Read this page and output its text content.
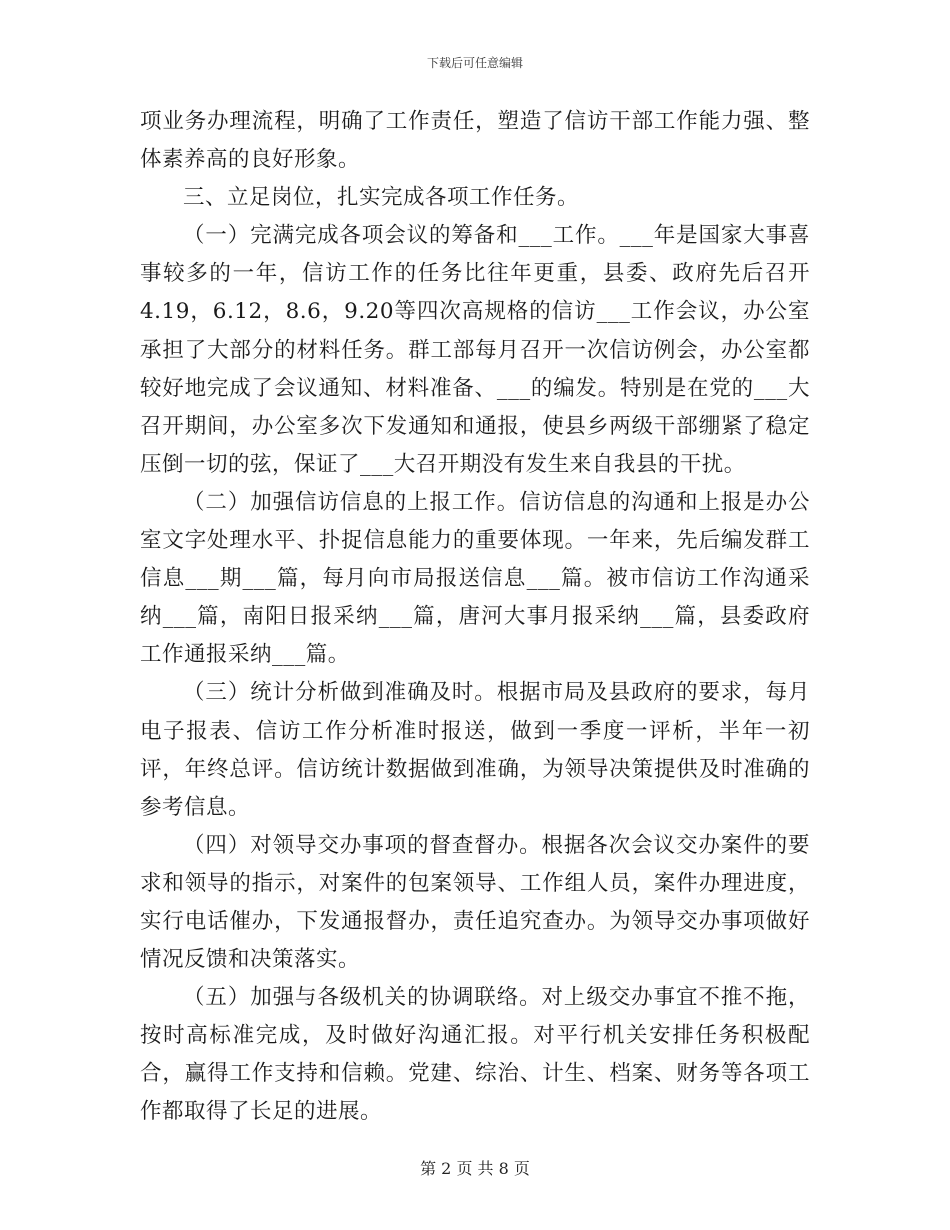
下载后可任意编辑

项业务办理流程，明确了工作责任，塑造了信访干部工作能力强、整体素养高的良好形象。

三、立足岗位，扎实完成各项工作任务。

（一）完满完成各项会议的筹备和___工作。___年是国家大事喜事较多的一年，信访工作的任务比往年更重，县委、政府先后召开4.19，6.12，8.6，9.20等四次高规格的信访___工作会议，办公室承担了大部分的材料任务。群工部每月召开一次信访例会，办公室都较好地完成了会议通知、材料准备、___的编发。特别是在党的___大召开期间，办公室多次下发通知和通报，使县乡两级干部绷紧了稳定压倒一切的弦，保证了___大召开期没有发生来自我县的干扰。

（二）加强信访信息的上报工作。信访信息的沟通和上报是办公室文字处理水平、扑捉信息能力的重要体现。一年来，先后编发群工信息___期___篇，每月向市局报送信息___篇。被市信访工作沟通采纳___篇，南阳日报采纳___篇，唐河大事月报采纳___篇，县委政府工作通报采纳___篇。

（三）统计分析做到准确及时。根据市局及县政府的要求，每月电子报表、信访工作分析准时报送，做到一季度一评析，半年一初评，年终总评。信访统计数据做到准确，为领导决策提供及时准确的参考信息。

（四）对领导交办事项的督查督办。根据各次会议交办案件的要求和领导的指示，对案件的包案领导、工作组人员，案件办理进度，实行电话催办，下发通报督办，责任追究查办。为领导交办事项做好情况反馈和决策落实。

（五）加强与各级机关的协调联络。对上级交办事宜不推不拖，按时高标准完成，及时做好沟通汇报。对平行机关安排任务积极配合，赢得工作支持和信赖。党建、综治、计生、档案、财务等各项工作都取得了长足的进展。

第 2 页 共 8 页
